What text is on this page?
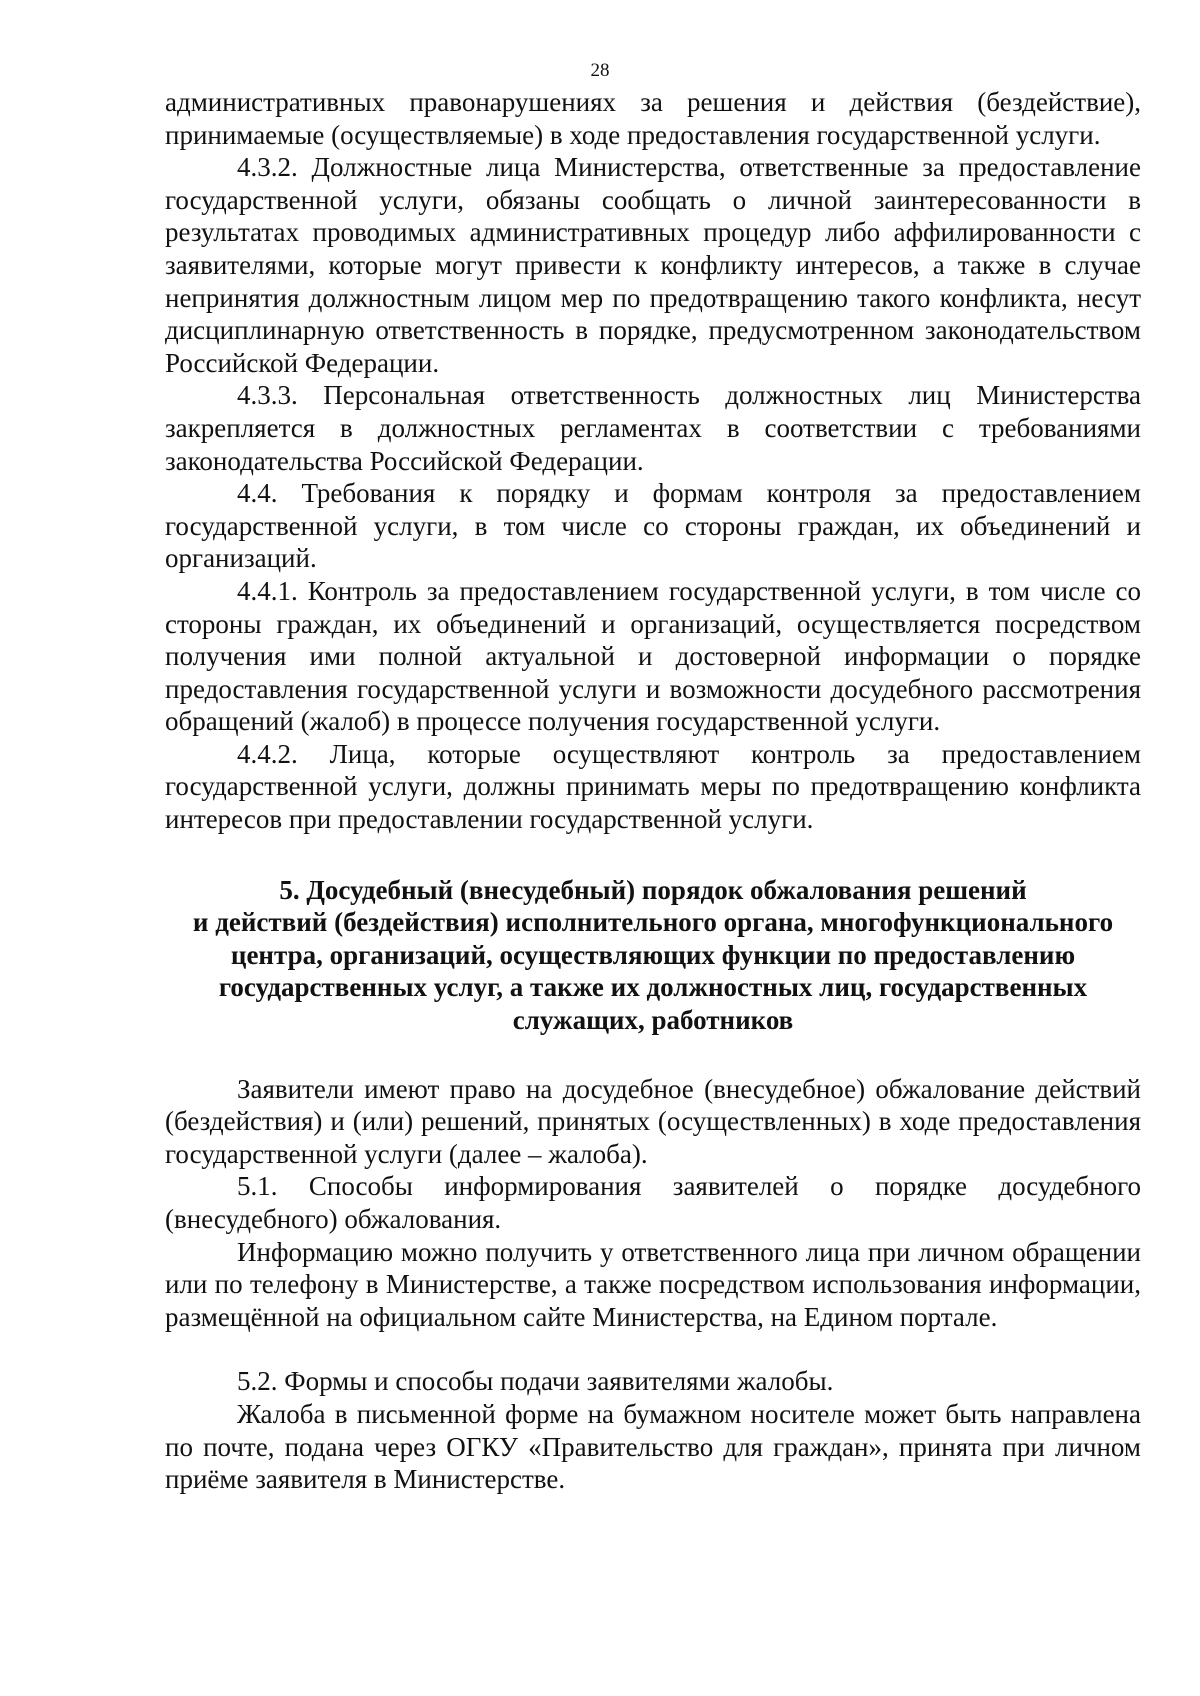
28

административных правонарушениях за решения и действия (бездействие), принимаемые (осуществляемые) в ходе предоставления государственной услуги.

4.3.2. Должностные лица Министерства, ответственные за предоставление государственной услуги, обязаны сообщать о личной заинтересованности в результатах проводимых административных процедур либо аффилированности с заявителями, которые могут привести к конфликту интересов, а также в случае непринятия должностным лицом мер по предотвращению такого конфликта, несут дисциплинарную ответственность в порядке, предусмотренном законодательством Российской Федерации.

4.3.3. Персональная ответственность должностных лиц Министерства закрепляется в должностных регламентах в соответствии с требованиями законодательства Российской Федерации.

4.4. Требования к порядку и формам контроля за предоставлением государственной услуги, в том числе со стороны граждан, их объединений и организаций.

4.4.1. Контроль за предоставлением государственной услуги, в том числе со стороны граждан, их объединений и организаций, осуществляется посредством получения ими полной актуальной и достоверной информации о порядке предоставления государственной услуги и возможности досудебного рассмотрения обращений (жалоб) в процессе получения государственной услуги.

4.4.2. Лица, которые осуществляют контроль за предоставлением государственной услуги, должны принимать меры по предотвращению конфликта интересов при предоставлении государственной услуги.

5. Досудебный (внесудебный) порядок обжалования решений
и действий (бездействия) исполнительного органа, многофункционального
центра, организаций, осуществляющих функции по предоставлению
государственных услуг, а также их должностных лиц, государственных
служащих, работников

Заявители имеют право на досудебное (внесудебное) обжалование действий (бездействия) и (или) решений, принятых (осуществленных) в ходе предоставления государственной услуги (далее – жалоба).

5.1. Способы информирования заявителей о порядке досудебного (внесудебного) обжалования.

Информацию можно получить у ответственного лица при личном обращении или по телефону в Министерстве, а также посредством использования информации, размещённой на официальном сайте Министерства, на Едином портале.

5.2. Формы и способы подачи заявителями жалобы.

Жалоба в письменной форме на бумажном носителе может быть направлена по почте, подана через ОГКУ «Правительство для граждан», принята при личном приёме заявителя в Министерстве.
